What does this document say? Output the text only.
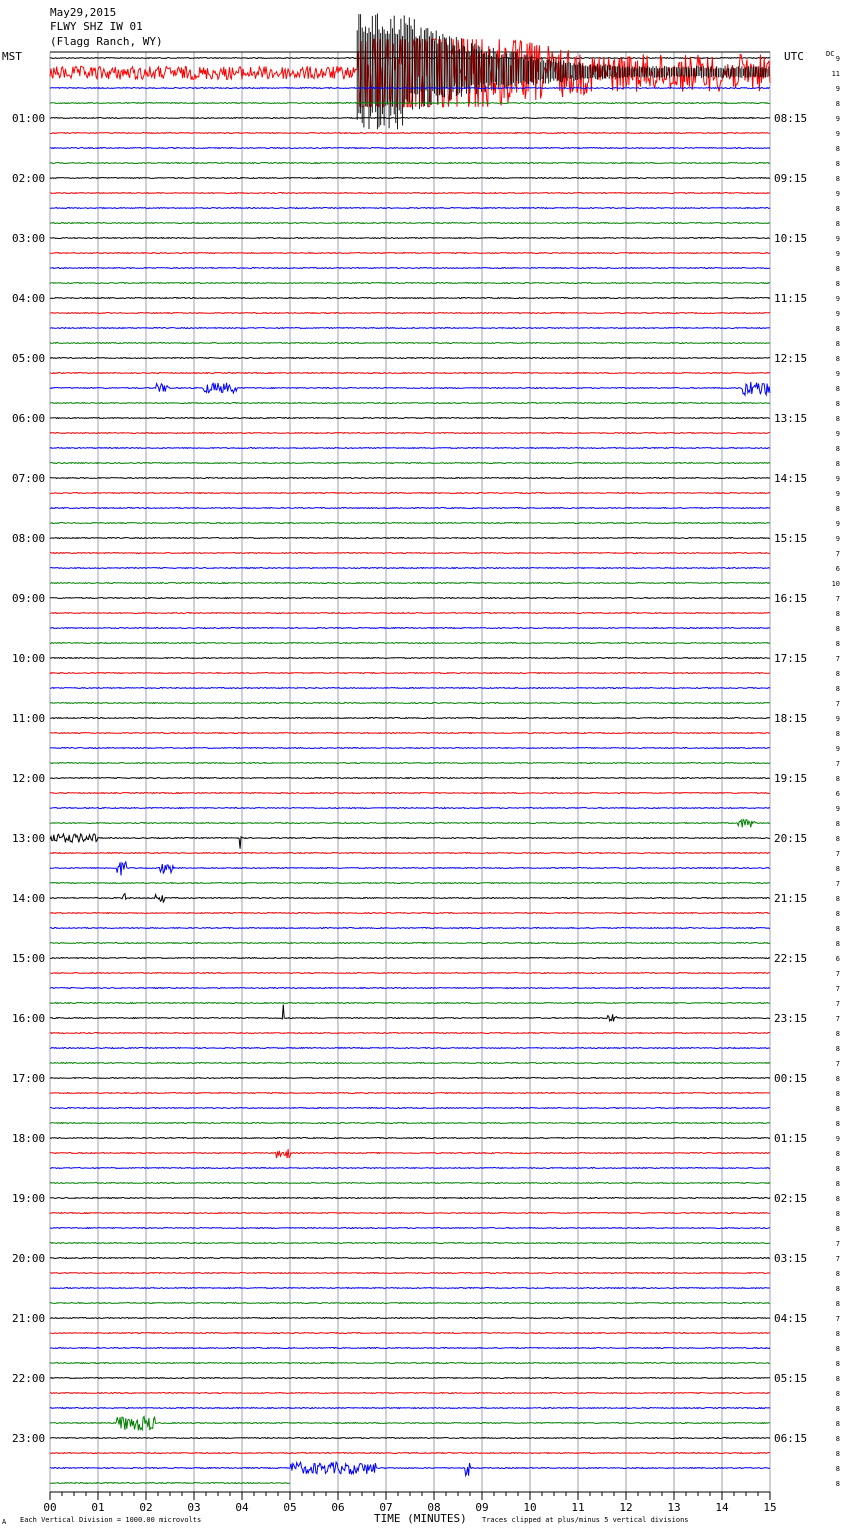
May29,2015
FLWY SHZ IW 01
(Flagg Ranch, WY)
MST	UTC	DC
01:00	08:15
02:00	09:15
03:00	10:15
04:00	11:15
05:00	12:15
06:00	13:15
07:00	14:15
08:00	15:15
09:00	16:15
10:00	17:15
11:00	18:15
12:00	19:15
13:00	20:15
14:00	21:15
15:00	22:15
16:00	23:15
17:00	00:15
18:00	01:15
19:00	02:15
20:00	03:15
21:00	04:15
22:00	05:15
23:00	06:15
9
11
9
8
9
9
8
8
8
9
8
8
9
9
8
8
9
9
8
8
8
9
8
8
8
9
8
8
9
9
8
9
9
7
6
10
7
8
8
8
7
8
8
7
9
8
9
7
8
6
9
8
8
7
8
7
8
8
8
8
6
7
7
7
7
8
8
7
8
8
8
8
9
8
8
8
8
8
8
7
7
8
8
8
7
8
8
8
8
8
8
8
8
8
8
8
00	01	02	03	04	05	06	07	08	09	10	11	12	13	14	15
A Each Vertical Division = 1000.00 microvolts	TIME (MINUTES) Traces clipped at plus/minus 5 vertical divisions
